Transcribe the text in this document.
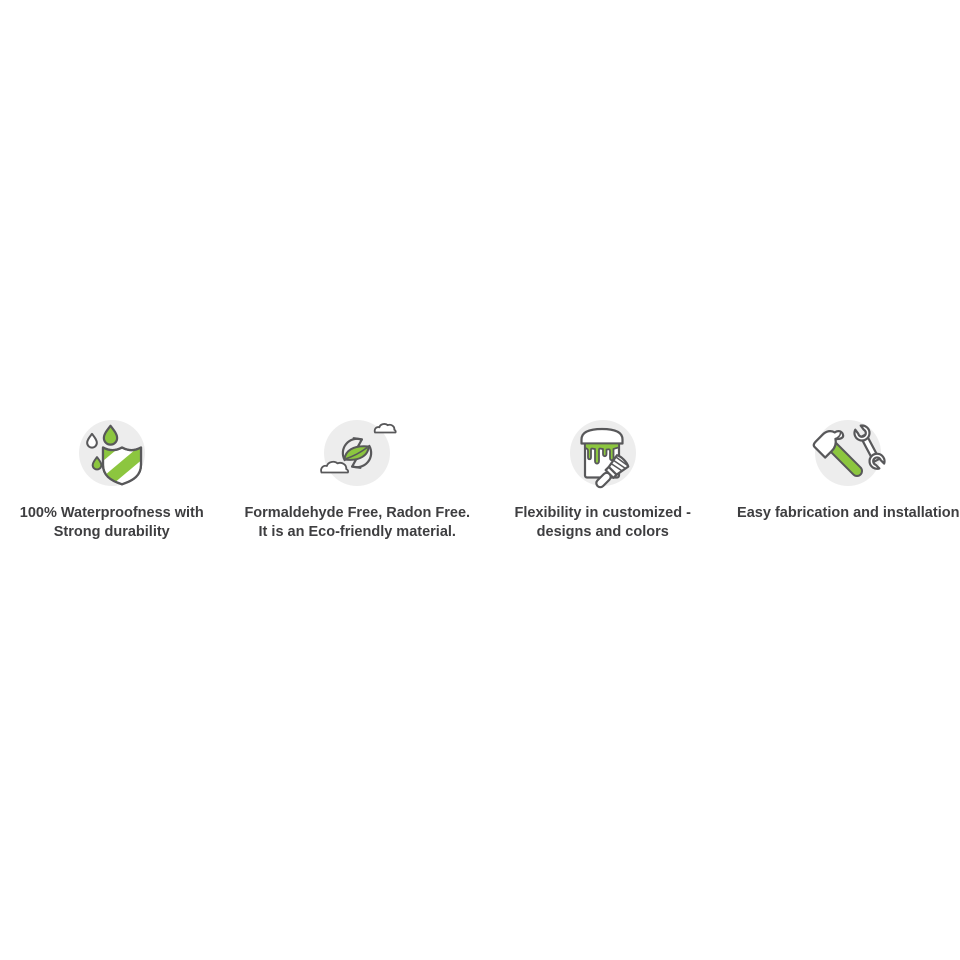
100% Waterproofness with
Strong durability
Formaldehyde Free, Radon Free.
It is an Eco-friendly material.
Flexibility in customized -
designs and colors
Easy fabrication and installation
